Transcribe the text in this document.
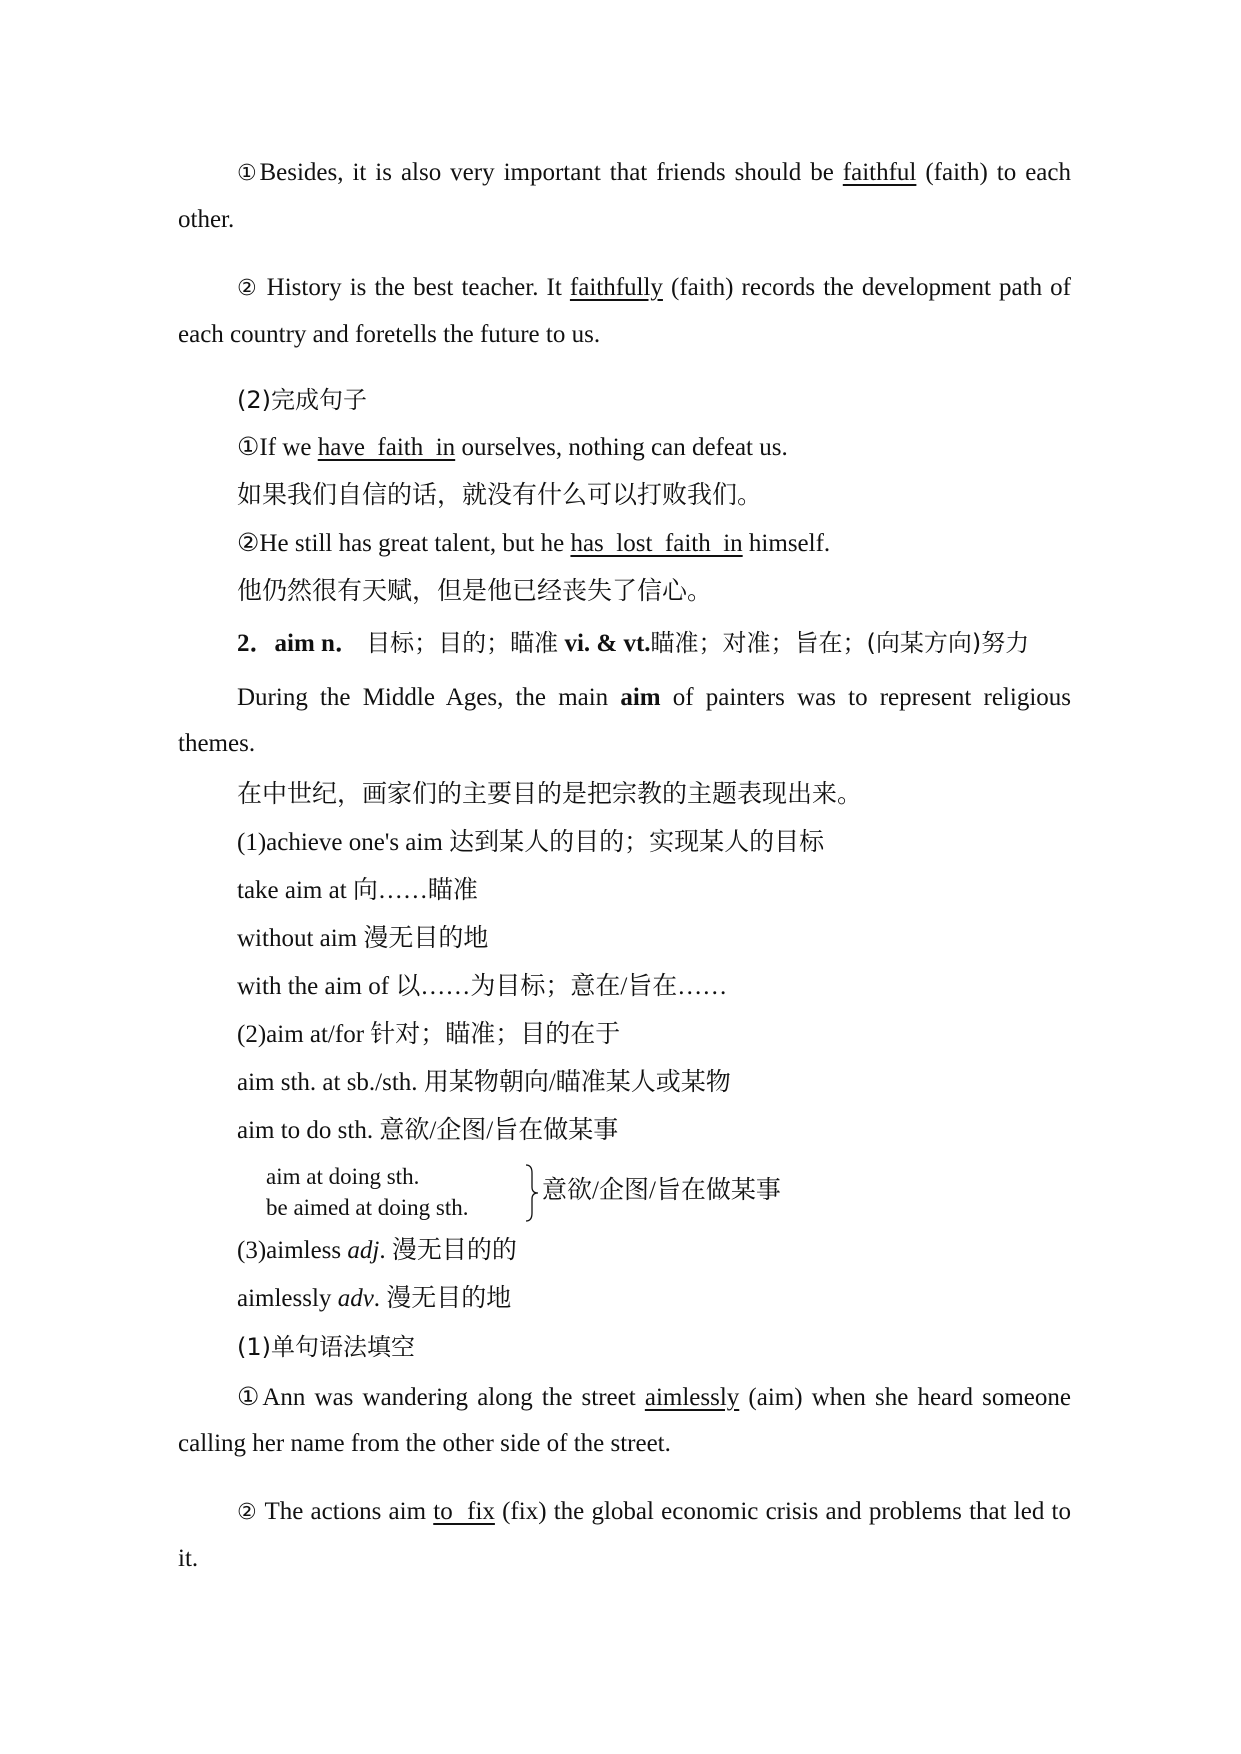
①Besides, it is also very important that friends should be faithful (faith) to each other.

② History is the best teacher. It faithfully (faith) records the development path of each country and foretells the future to us.

(2)完成句子
①If we have  faith  in ourselves, nothing can defeat us.
如果我们自信的话，就没有什么可以打败我们。
②He still has great talent, but he has  lost  faith  in himself.
他仍然很有天赋，但是他已经丧失了信心。

2．aim n． 目标；目的；瞄准 vi. & vt.瞄准；对准；旨在；(向某方向)努力

During the Middle Ages, the main aim of painters was to represent religious themes.

在中世纪，画家们的主要目的是把宗教的主题表现出来。
(1)achieve one's aim 达到某人的目的；实现某人的目标
take aim at 向……瞄准
without aim 漫无目的地
with the aim of 以……为目标；意在/旨在……
(2)aim at/for 针对；瞄准；目的在于
aim sth. at sb./sth. 用某物朝向/瞄准某人或某物
aim to do sth. 意欲/企图/旨在做某事
aim at doing sth.
be aimed at doing sth.
意欲/企图/旨在做某事
(3)aimless adj. 漫无目的的
aimlessly adv. 漫无目的地
(1)单句语法填空

①Ann was wandering along the street aimlessly (aim) when she heard someone calling her name from the other side of the street.

② The actions aim to  fix (fix) the global economic crisis and problems that led to it.
